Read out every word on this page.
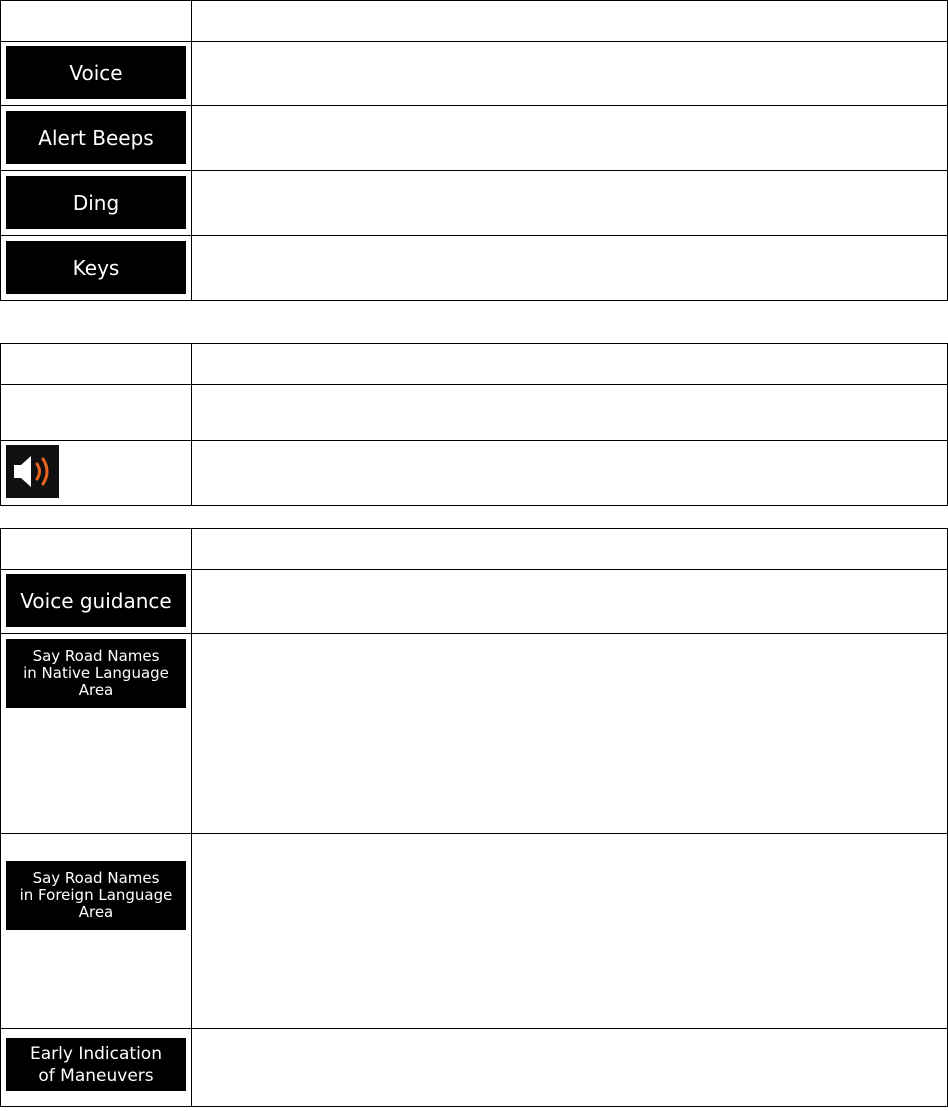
Voice
Alert Beeps
Ding
Keys
Voice guidance
Say Road Names
in Native Language
Area
Say Road Names
in Foreign Language
Area
Early Indication
of Maneuvers
